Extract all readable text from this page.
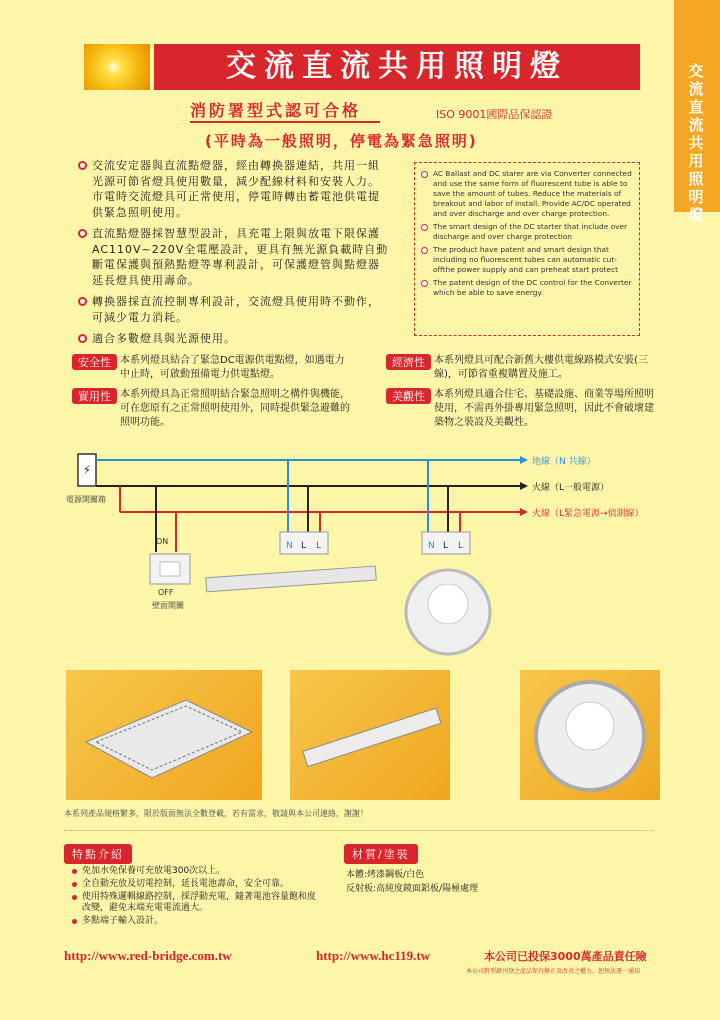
交流直流共用照明燈
交流直流共用照明燈
消防署型式認可合格	ISO 9001國際品保認證
(平時為一般照明，停電為緊急照明)
交流安定器與直流點燈器，經由轉換器連結，共用一組光源可節省燈具使用數量，減少配線材料和安裝人力。市電時交流燈具可正常使用，停電時轉由蓄電池供電提供緊急照明使用。
直流點燈器採智慧型設計，具充電上限與放電下限保護AC110V~220V全電壓設計，更具有無光源負載時自動斷電保護與預熱點燈等專利設計，可保護燈管與點燈器延長燈具使用壽命。
轉換器採直流控制專利設計，交流燈具使用時不動作，可減少電力消耗。
適合多數燈具與光源使用。
AC Ballast and DC starer are via Converter connected and use the same form of fluorescent tube is able to save the amount of tubes. Reduce the materials of breakout and labor of install. Provide AC/DC operated and over discharge and over charge protection.
The smart design of the DC starter that include over discharge and over charge protection
The product have patent and smart design that including no fluorescent tubes can automatic cut-offthe power supply and can preheat start protect
The patent design of the DC control for the Converter which be able to save energy.
安全性 本系列燈具結合了緊急DC電源供電點燈，如遇電力中止時，可啟動預備電力供電點燈。
實用性 本系列燈具為正常照明結合緊急照明之構件與機能，可在您原有之正常照明使用外，同時提供緊急避難的照明功能。
經濟性 本系列燈具可配合新舊大樓供電線路模式安裝(三線)，可節省重複購置及施工。
美觀性 本系列燈具適合住宅、基礎設施、商業等場所照明使用，不需再外掛專用緊急照明，因此不會破壞建築物之裝設及美觀性。
⚡
電源開關箱
地線（N 共線）
火線（L一般電源）
火線（L緊急電源→偵測線）
ON
OFF
壁面開關
N L L	N L L
本系列產品規格繁多，限於版面無法全數登載，若有需求，敬請與本公司連絡，謝謝！
特點介紹
免加水免保養可充放電300次以上。
全自動充放及切電控制，延長電池壽命，安全可靠。
使用特殊邏輯線路控制，採浮動充電，隨著電池容量飽和度改變，避免末端充電電流過大。
多點端子輸入設計。
材質/塗裝
本體:烤漆鋼板/白色
反射板:高純度鏡面鋁板/陽極處理
http://www.red-bridge.com.tw	http://www.hc119.tw	本公司已投保3000萬產品責任險
本公司對型錄刊登之產品保有修正及改善之權力，恕無法逐一通知
